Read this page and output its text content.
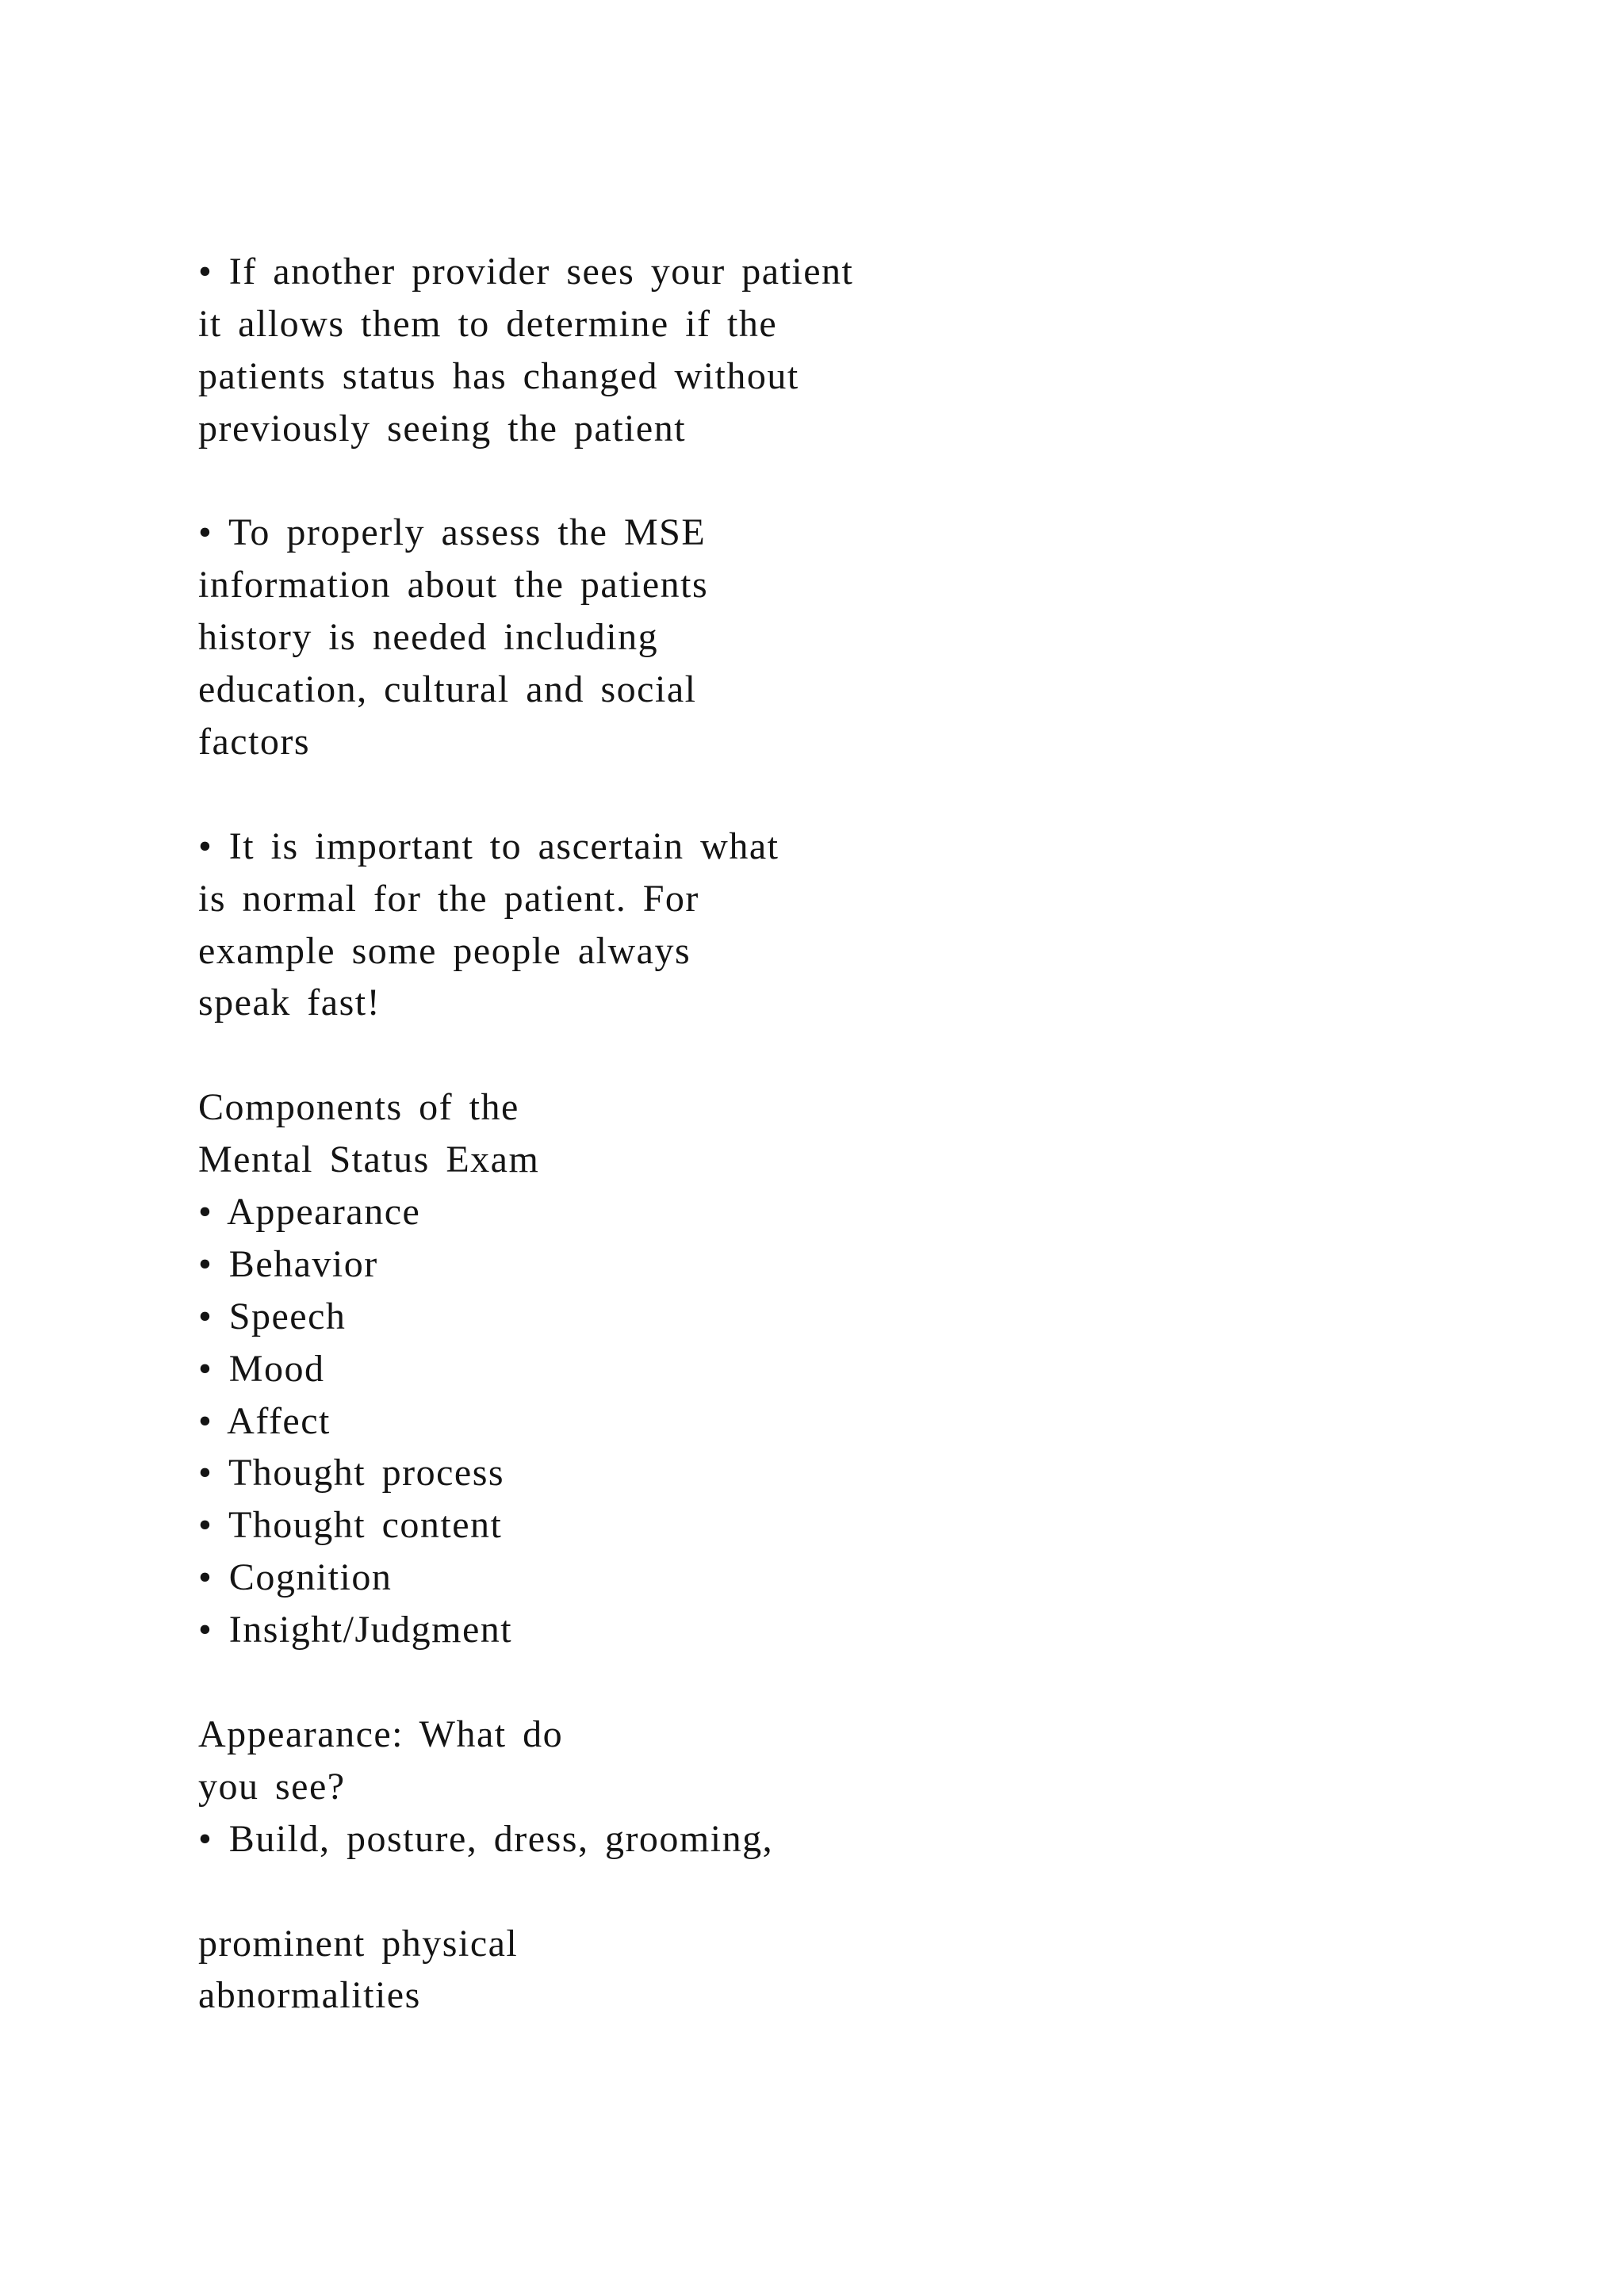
• If another provider sees your patient
it allows them to determine if the
patients status has changed without
previously seeing the patient
• To properly assess the MSE
information about the patients
history is needed including
education, cultural and social
factors
• It is important to ascertain what
is normal for the patient. For
example some people always
speak fast!
Components of the
Mental Status Exam
• Appearance
• Behavior
• Speech
• Mood
• Affect
• Thought process
• Thought content
• Cognition
• Insight/Judgment
Appearance: What do
you see?
• Build, posture, dress, grooming,
prominent physical
abnormalities
